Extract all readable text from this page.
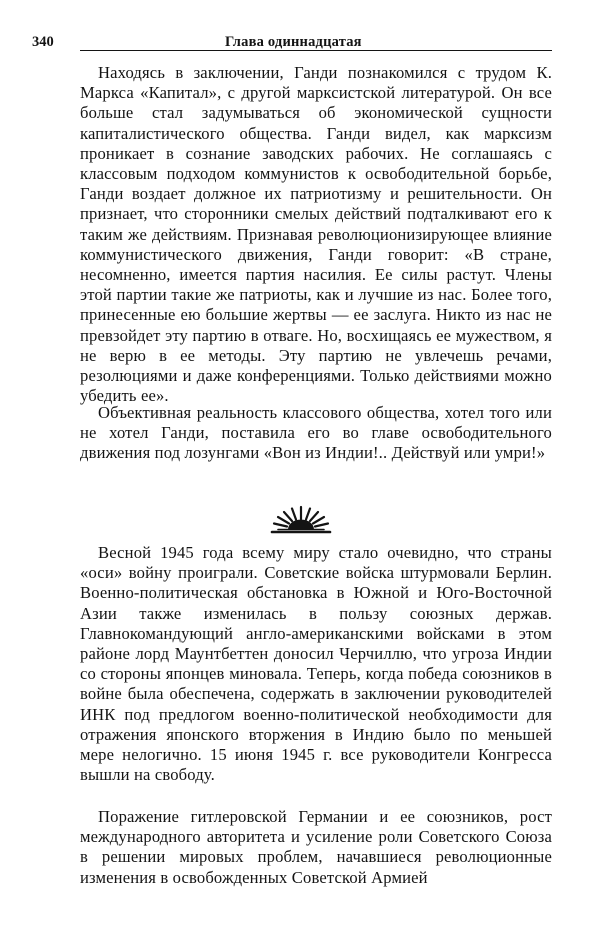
340	Глава одиннадцатая

Находясь в заключении, Ганди познакомился с трудом К. Маркса «Капитал», с другой марксистской литературой. Он все больше стал задумываться об экономической сущности капиталистического общества. Ганди видел, как марксизм проникает в сознание заводских рабочих. Не соглашаясь с классовым подходом коммунистов к освободительной борьбе, Ганди воздает должное их патриотизму и решительности. Он признает, что сторонники смелых действий подталкивают его к таким же действиям. Признавая революционизирующее влияние коммунистического движения, Ганди говорит: «В стране, несомненно, имеется партия насилия. Ее силы растут. Члены этой партии такие же патриоты, как и лучшие из нас. Более того, принесенные ею большие жертвы — ее заслуга. Никто из нас не превзойдет эту партию в отваге. Но, восхищаясь ее мужеством, я не верю в ее методы. Эту партию не увлечешь речами, резолюциями и даже конференциями. Только действиями можно убедить ее».

Объективная реальность классового общества, хотел того или не хотел Ганди, поставила его во главе освободительного движения под лозунгами «Вон из Индии!.. Действуй или умри!»

Весной 1945 года всему миру стало очевидно, что страны «оси» войну проиграли. Советские войска штурмовали Берлин. Военно-политическая обстановка в Южной и Юго-Восточной Азии также изменилась в пользу союзных держав. Главнокомандующий англо-американскими войсками в этом районе лорд Маунтбеттен доносил Черчиллю, что угроза Индии со стороны японцев миновала. Теперь, когда победа союзников в войне была обеспечена, содержать в заключении руководителей ИНК под предлогом военно-политической необходимости для отражения японского вторжения в Индию было по меньшей мере нелогично. 15 июня 1945 г. все руководители Конгресса вышли на свободу.

Поражение гитлеровской Германии и ее союзников, рост международного авторитета и усиление роли Советского Союза в решении мировых проблем, начавшиеся революционные изменения в освобожденных Советской Армией
